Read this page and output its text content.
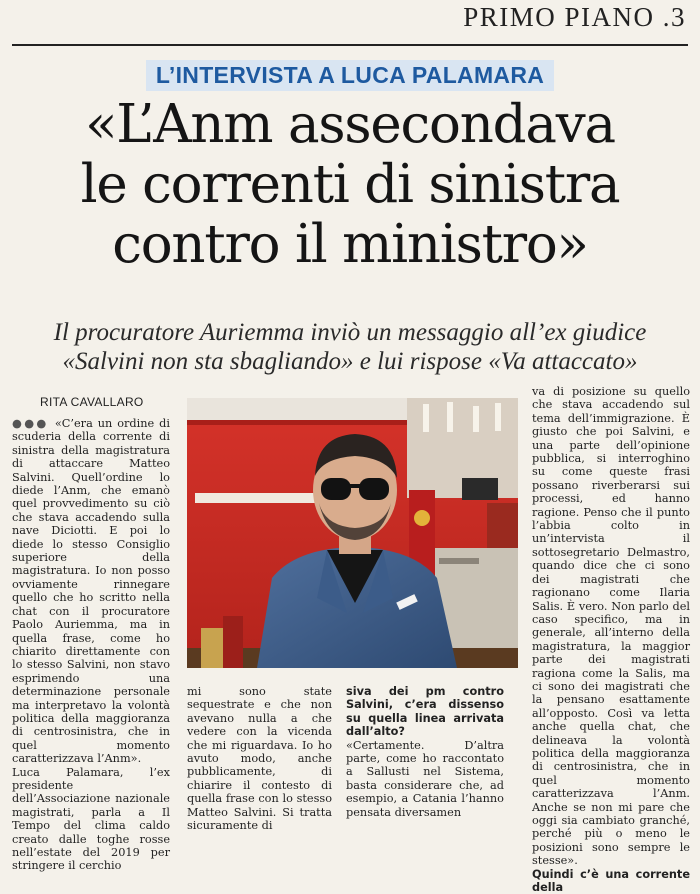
PRIMO PIANO .3
L’INTERVISTA A LUCA PALAMARA
«L’Anm assecondava
le correnti di sinistra
contro il ministro»
Il procuratore Auriemma inviò un messaggio all’ex giudice
«Salvini non sta sbagliando» e lui rispose «Va attaccato»
RITA CAVALLARO

●●● «C’era un ordine di scuderia della corrente di sinistra della magistratura di attaccare Matteo Salvini. Quell’ordine lo diede l’Anm, che emanò quel provvedimento su ciò che stava accadendo sulla nave Diciotti. E poi lo diede lo stesso Consiglio superiore della magistratura. Io non posso ovviamente rinnegare quello che ho scritto nella chat con il procuratore Paolo Auriemma, ma in quella frase, come ho chiarito direttamente con lo stesso Salvini, non stavo esprimendo una determinazione personale ma interpretavo la volontà politica della maggioranza di centrosinistra, che in quel momento caratterizzava l’Anm».

Luca Palamara, l’ex presidente dell’Associazione nazionale magistrati, parla a Il Tempo del clima caldo creato dalle toghe rosse nell’estate del 2019 per stringere il cerchio

mi sono state sequestrate e che non avevano nulla a che vedere con la vicenda che mi riguardava. Io ho avuto modo, anche pubblicamente, di chiarire il contesto di quella frase con lo stesso Matteo Salvini. Si tratta sicuramente di

siva dei pm contro Salvini, c’era dissenso su quella linea arrivata dall’alto?

«Certamente. D’altra parte, come ho raccontato a Sallusti nel Sistema, basta considerare che, ad esempio, a Catania l’hanno pensata diversamen

va di posizione su quello che stava accadendo sul tema dell’immigrazione. È giusto che poi Salvini, e una parte dell’opinione pubblica, si interroghino su come queste frasi possano riverberarsi sui processi, ed hanno ragione. Penso che il punto l’abbia colto in un’intervista il sottosegretario Delmastro, quando dice che ci sono dei magistrati che ragionano come Ilaria Salis. È vero. Non parlo del caso specifico, ma in generale, all’interno della magistratura, la maggior parte dei magistrati ragiona come la Salis, ma ci sono dei magistrati che la pensano esattamente all’opposto. Così va letta anche quella chat, che delineava la volontà politica della maggioranza di centrosinistra, che in quel momento caratterizzava l’Anm. Anche se non mi pare che oggi sia cambiato granché, perché più o meno le posizioni sono sempre le stesse».

Quindi c’è una corrente della
